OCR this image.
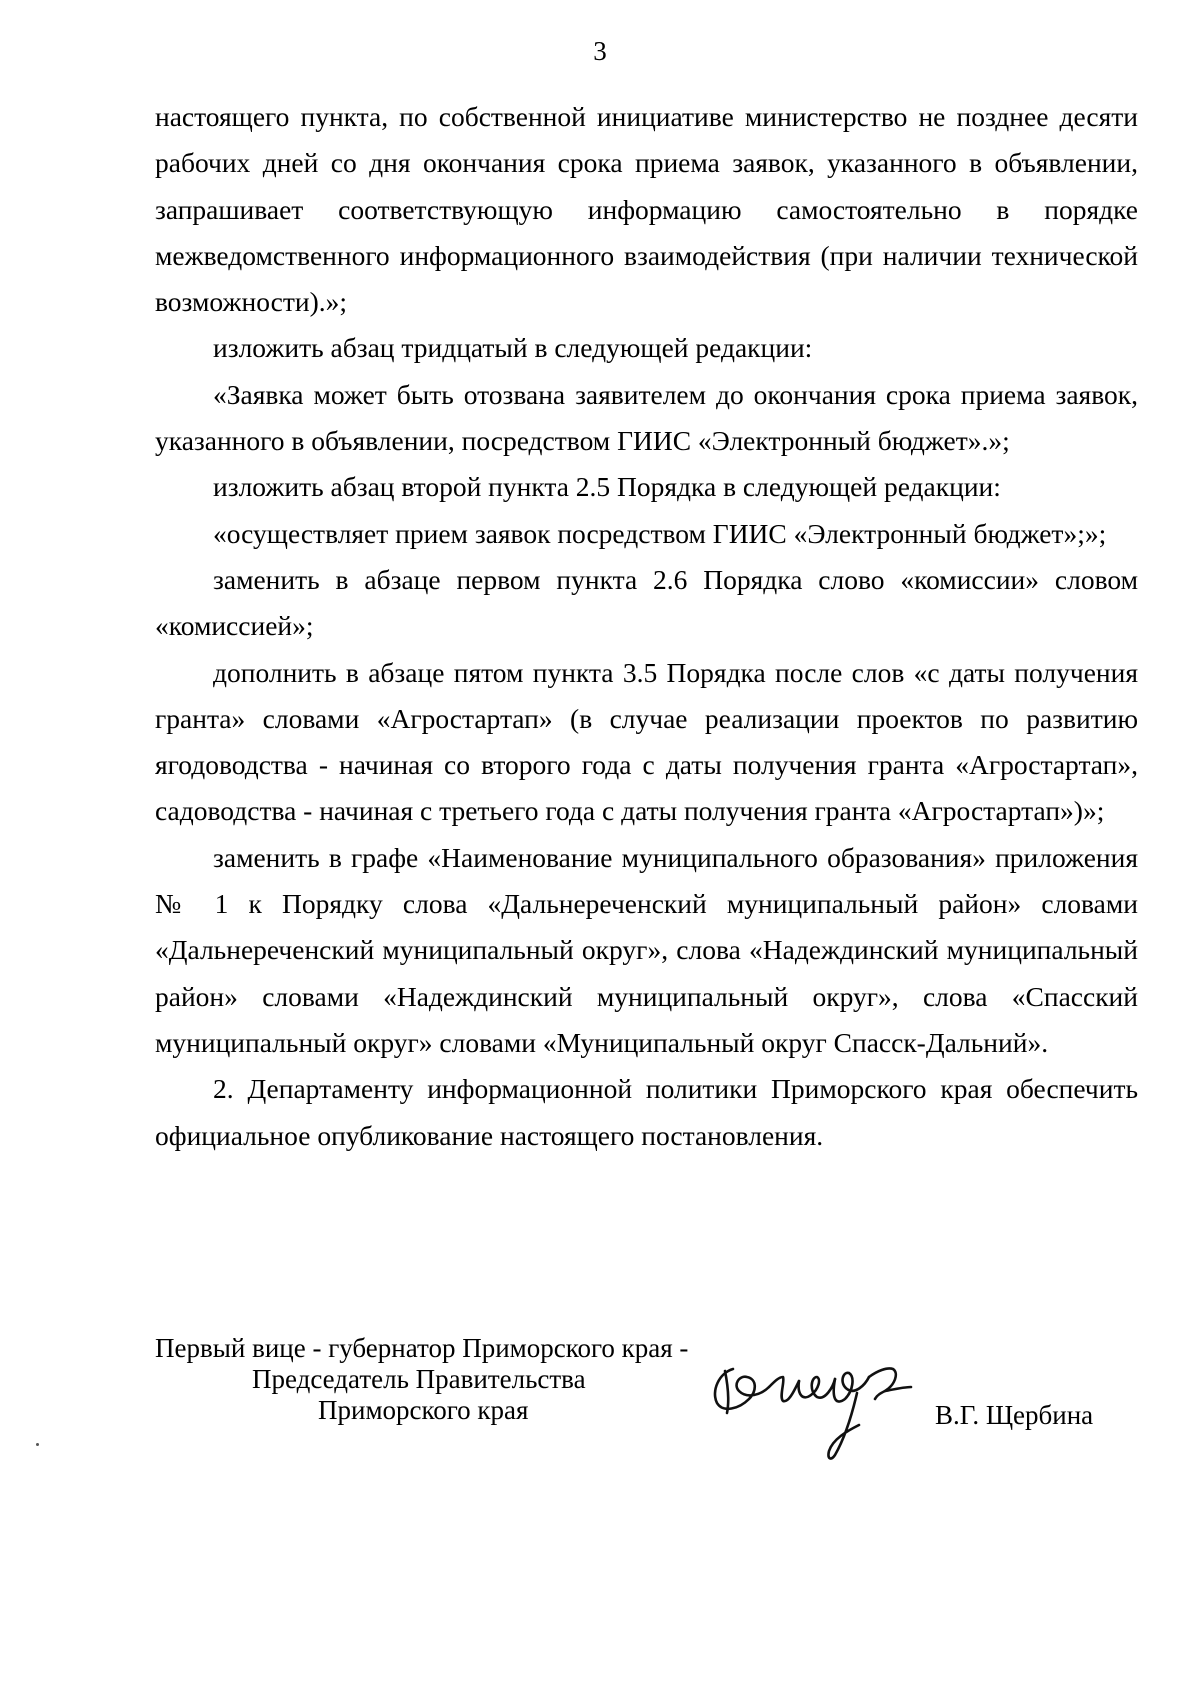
3

настоящего пункта, по собственной инициативе министерство не позднее десяти рабочих дней со дня окончания срока приема заявок, указанного в объявлении, запрашивает соответствующую информацию самостоятельно в порядке межведомственного информационного взаимодействия (при наличии технической возможности).»;

изложить абзац тридцатый в следующей редакции:

«Заявка может быть отозвана заявителем до окончания срока приема заявок, указанного в объявлении, посредством ГИИС «Электронный бюджет».»;

изложить абзац второй пункта 2.5 Порядка в следующей редакции:

«осуществляет прием заявок посредством ГИИС «Электронный бюджет»;»;

заменить в абзаце первом пункта 2.6 Порядка слово «комиссии» словом «комиссией»;

дополнить в абзаце пятом пункта 3.5 Порядка после слов «с даты получения гранта» словами «Агростартап» (в случае реализации проектов по развитию ягодоводства - начиная со второго года с даты получения гранта «Агростартап», садоводства - начиная с третьего года с даты получения гранта «Агростартап»)»;

заменить в графе «Наименование муниципального образования» приложения № 1 к Порядку слова «Дальнереченский муниципальный район» словами «Дальнереченский муниципальный округ», слова «Надеждинский муниципальный район» словами «Надеждинский муниципальный округ», слова «Спасский муниципальный округ» словами «Муниципальный округ Спасск-Дальний».

2. Департаменту информационной политики Приморского края обеспечить официальное опубликование настоящего постановления.

Первый вице - губернатор Приморского края -
Председатель Правительства
Приморского края	В.Г. Щербина
